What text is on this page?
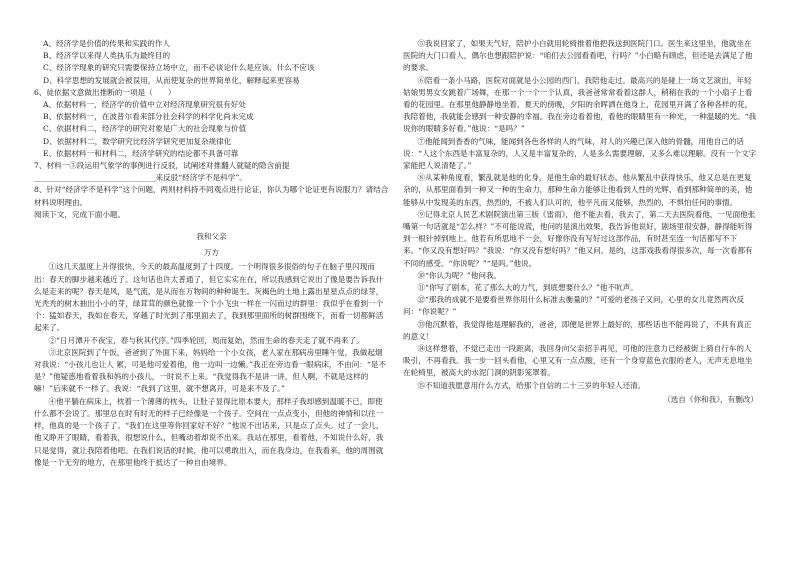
A、经济学是价值的传果和实践的作人

B、经济学以来得人类执乐为最终目的

C、经济学现象的研究只需要保持立场中立，而不必谈论什么是应该、什么不应该

D、科学思想的发展就会被误用，从而使复杂的世界简单化，解释起来更容易

6、徒依据文意做出推断的一项是（　　）

A、依据材料一，经济学的价值中立对经济现象研究很有好处

B、依据材料一，在波普尔看来部分社会科学的科学化尚未完成

C、依据材料二，经济学的研究对象是广大的社会现象与价值

D、依据材料二，数学研究比经济学研究更加复杂规律化

E、依据材料一和材料二，经济学研究的结论都不具备可靠

7、材料一③段运用气象学的事例进行反驳，试阐述对推翻人就疑的隐含前提________________________________来反驳“经济学不是科学”。

8、针对“经济学不是科学”这个问题，两则材料持不同观点进行论证，你认为哪个论证更有说服力？请结合材料说明理由。

阅读下文，完成下面小题。

我和父亲

万方

①这几天温度上升得很快，今天的最高温度到了十四度。一个明得很多很俗的句子在脑子里闪现而出：春天的脚步越来越近了。这句话也许太普通了，但它实实在在，所以我感到它说出了像是要告诉我什么是走来的呢？春天是风，是气流，是从而在万物间的种种诞生。灰褐色的土地上露出星星点点的绿芽，光秃秃的树木抽出小小的芽，绿茸茸的颜色就像一个个小飞虫一样在一闪而过的群里：我似乎在看到一个个：猛如春天，我如在春天，穿越了时光到了那里面去了，我到那里面所的树群围绕下，而看一切都鲜活起来了。

②“日月潭升不夜宝，春与秋其代序。”四季轮回，周而复始，然而生命的春天走了就不再来了。

③北京医院到了午饭，爸爸到了外面下来，妈妈给一个小女孩，老人家在那病房里睡午觉，我做起烟对我说：“小孩儿也让人 累，可是他可爱着他，他一边叫一边懒。”我正在旁边看一眼病床，不由问：“是不是？”他疑惑地看着我和妈的小孩儿，一时说不上来。“我觉得我不是讲一讲，但人啊，不就是这样的嘛！”后来就不一样了。我说：“我到了这里，就不想离开，可是来不及了。”

④他平躺在病床上，枕着一个薄薄的枕头，让肚子显得比原本要大，那样子我却感到温暖不已，即使什么都不会说了。那里总在时有时无的样子已经像是一个孩子。空间在一点点变小，但他的神情和以往一样，他真的是一个孩子了。“我们在这里等你回家好不好？”他说不出话来，只是点了点头。过了一会儿，他又睁开了眼睛，看着我，很想说什么，但嘴动着却说不出来。我站在那里，看着他，不知说什么好，我只是觉得，就让我陪着他吧。在我们说话的时候，他可以勇敢出入，而在我身边，在我看来，他的周围就像是一个无穷的地方，在那里他终于抵达了一种自由境界。

⑤我说回家了，如果天气好，陪护小白就用轮椅推着他把我送到医院门口。医生来这里坐，他就坐在医院的大门口看人，偶尔也想跟陪护说：“咱们去公园看看吧，行吗？”小白略有顾虑，但还是去满足了他的要求。

⑥陪看一条小马路，医院对面就是小公园的西门，我陪他走过。最高兴的是碰上一场文艺演出，年轻姑娘男男女女跳着广场舞，在那一个一个一个认真，我爸爸常常看着这群人，稍稍在我的一个小扇子上看看的花园里。在那里他静静地坐着，夏天的傍晚，夕阳的余晖洒在他身上，花园里开满了各种各样的花，我陪着他，我就能会感到一种安静的幸福。我在旁边看着他，看他的眼睛里有一种光，一种温暖的光。“我说你的眼睛多好看。”他说：“是吗？”

⑦他能闻到香香的气味，能闻到各色各样的人的气味，对人的兴趣已深入他的骨髓，用他自己的话说：“人这个东西是丰富复杂的，人又是丰富复杂的，人是多么需要理解，又多么难以理解。没有一个文字家能把人说清楚了。”

⑧从某种角度看，繁乱就是他的化身，是他生命的最好状态，他从繁乱中获得快乐，他又总是在更复杂的，从那里面看到一种又一种的生命力，那种生命力能够让他看到人性的光辉、看到那种简单的美，他能够从中发现美的东西，热烈的，不被人们认可的，他平凡而又能够，热烈的，不惧怕任何的事情。

⑨记得北京人民艺术剧院演出第三版《雷雨》，他不能去看，我去了，第二天去医院看他，一见面他张嘴第一句话就是“怎么样？”不可能说谎，他问的是演出效果，我告诉他说好，剧场里很安静，静得能听得到一根针掉到地上。他若有所思地不一会，好像你没有写好过这部作品，有时甚至连一句话都写不下来。“你又没有想好吗？”我说：“你又没有想好吗？”他又问。是的，这部戏我看得很多次，每一次看都有不同的感受。“你说呢？”“是吗。”他说。

⑩“你认为呢？”他问我。

⑪“你写了剧本，花了那么大的力气，到底想要什么？”他不吭声。

⑫“那我的成就不是要看世界你用什么标准去衡量的？”可爱的老孩子又问，心里的女儿竟然两次反问：“你说呢？”

⑬他沉默着，我觉得他是理解我的，爸爸，即便是世界上最好的，那些话也不能再说了，不具有真正的意义！

⑭这样想着，不觉已走出一段距离，我回身向父亲招手再见，可他的注意力已经被街上骑自行车的人吸引，不再看我。我一步一回头看他，心里又有一点点酸，还有一个身穿蓝色衣服的老人，无声无息地坐在轮椅里，被高大的水泥门洞的阴影笼罩着。

⑮不知道我愿意用什么方式，给那个自信的二十三岁的年轻人还清。

（选自《你和我》，有删改）
